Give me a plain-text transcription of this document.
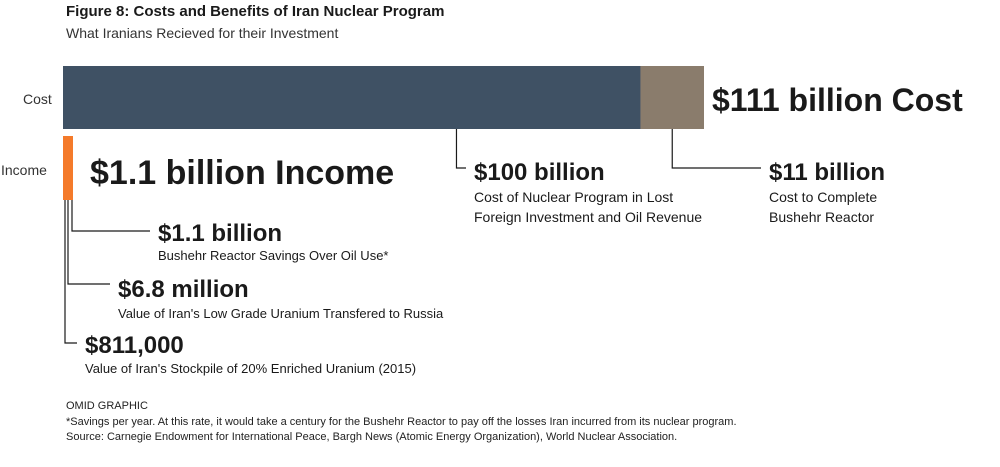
Figure 8: Costs and Benefits of Iran Nuclear Program
What Iranians Recieved for their Investment
Cost
Income
$111 billion Cost
$100 billion
Cost of Nuclear Program in Lost
Foreign Investment and Oil Revenue
$11 billion
Cost to Complete
Bushehr Reactor
$1.1 billion Income
$1.1 billion
Bushehr Reactor Savings Over Oil Use*
$6.8 million
Value of Iran's Low Grade Uranium Transfered to Russia
$811,000
Value of Iran's Stockpile of 20% Enriched Uranium (2015)
OMID GRAPHIC
*Savings per year. At this rate, it would take a century for the Bushehr Reactor to pay off the losses Iran incurred from its nuclear program.
Source: Carnegie Endowment for International Peace, Bargh News (Atomic Energy Organization), World Nuclear Association.
